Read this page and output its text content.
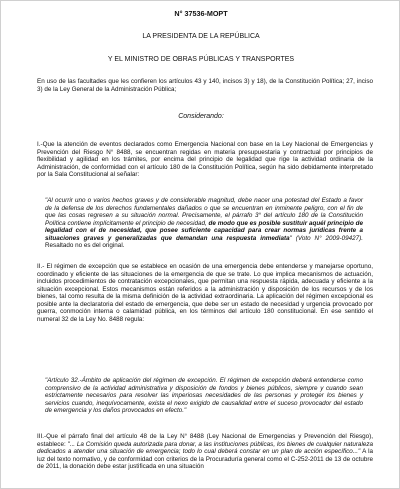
N° 37536-MOPT
LA PRESIDENTA DE LA REPÚBLICA
Y EL MINISTRO DE OBRAS PÚBLICAS Y TRANSPORTES

En uso de las facultades que les confieren los artículos 43 y 140, incisos 3) y 18), de la Constitución Política; 27, inciso 3) de la Ley General de la Administración Pública;

Considerando:

I.-Que la atención de eventos declarados como Emergencia Nacional con base en la Ley Nacional de Emergencias y Prevención del Riesgo N° 8488, se encuentran regidas en materia presupuestaria y contractual por principios de flexibilidad y agilidad en los trámites, por encima del principio de legalidad que rige la actividad ordinaria de la Administración, de conformidad con el artículo 180 de la Constitución Política, según ha sido debidamente interpretado por la Sala Constitucional al señalar:

"Al ocurrir uno o varios hechos graves y de considerable magnitud, debe nacer una potestad del Estado a favor de la defensa de los derechos fundamentales dañados o que se encuentran en inminente peligro, con el fin de que las cosas regresen a su situación normal. Precisamente, el párrafo 3° del artículo 180 de la Constitución Política contiene implícitamente el principio de necesidad, de modo que es posible sustituir aquél principio de legalidad con el de necesidad, que posee suficiente capacidad para crear normas jurídicas frente a situaciones graves y generalizadas que demandan una respuesta inmediata" (Voto N° 2009-09427). Resaltado no es del original.

II.- El régimen de excepción que se establece en ocasión de una emergencia debe entenderse y manejarse oportuno, coordinado y eficiente de las situaciones de la emergencia de que se trate. Lo que implica mecanismos de actuación, incluidos procedimientos de contratación excepcionales, que permitan una respuesta rápida, adecuada y eficiente a la situación excepcional. Estos mecanismos están referidos a la administración y disposición de los recursos y de los bienes, tal como resulta de la misma definición de la actividad extraordinaria. La aplicación del régimen excepcional es posible ante la declaratoria del estado de emergencia, que debe ser un estado de necesidad y urgencia provocado por guerra, conmoción interna o calamidad pública, en los términos del artículo 180 constitucional. En ese sentido el numeral 32 de la Ley No. 8488 regula:

"Artículo 32.-Ámbito de aplicación del régimen de excepción. El régimen de excepción deberá entenderse como comprensivo de la actividad administrativa y disposición de fondos y bienes públicos, siempre y cuando sean estrictamente necesarios para resolver las imperiosas necesidades de las personas y proteger los bienes y servicios cuando, inequívocamente, exista el nexo exigido de causalidad entre el suceso provocador del estado de emergencia y los daños provocados en efecto."

III.-Que el párrafo final del artículo 48 de la Ley N° 8488 (Ley Nacional de Emergencias y Prevención del Riesgo), establece: "... La Comisión queda autorizada para donar, a las instituciones públicas, los bienes de cualquier naturaleza dedicados a atender una situación de emergencia; todo lo cual deberá constar en un plan de acción específico..." A la luz del texto normativo, y de conformidad con criterios de la Procuraduría general como el C-252-2011 de 13 de octubre de 2011, la donación debe estar justificada en una situación
